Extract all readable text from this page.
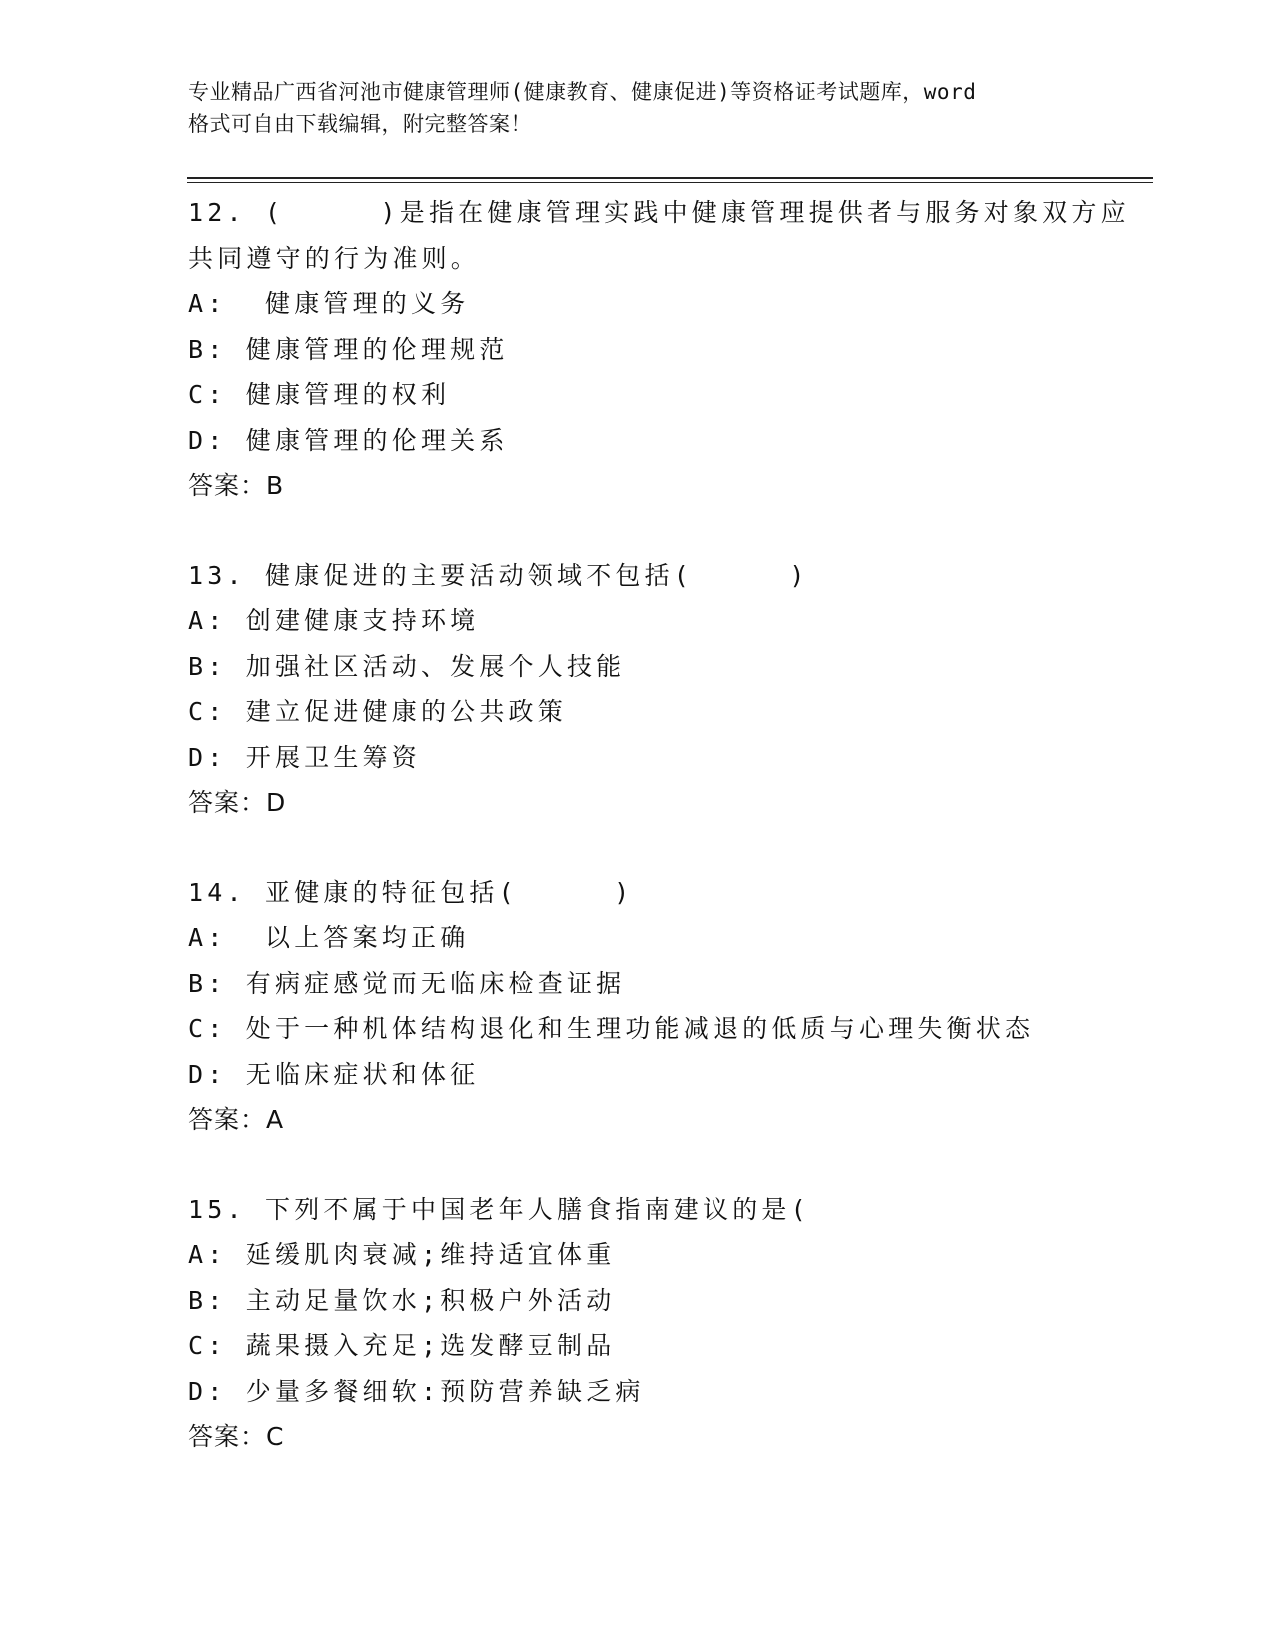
专业精品广西省河池市健康管理师(健康教育、健康促进)等资格证考试题库，word
格式可自由下载编辑，附完整答案！
12. (     )是指在健康管理实践中健康管理提供者与服务对象双方应
共同遵守的行为准则。
A:  健康管理的义务
B: 健康管理的伦理规范
C: 健康管理的权利
D: 健康管理的伦理关系
答案：B
13. 健康促进的主要活动领域不包括(     )
A: 创建健康支持环境
B: 加强社区活动、发展个人技能
C: 建立促进健康的公共政策
D: 开展卫生筹资
答案：D
14. 亚健康的特征包括(     )
A:  以上答案均正确
B: 有病症感觉而无临床检查证据
C: 处于一种机体结构退化和生理功能减退的低质与心理失衡状态
D: 无临床症状和体征
答案：A
15. 下列不属于中国老年人膳食指南建议的是(
A: 延缓肌肉衰减;维持适宜体重
B: 主动足量饮水;积极户外活动
C: 蔬果摄入充足;选发酵豆制品
D: 少量多餐细软:预防营养缺乏病
答案：C
